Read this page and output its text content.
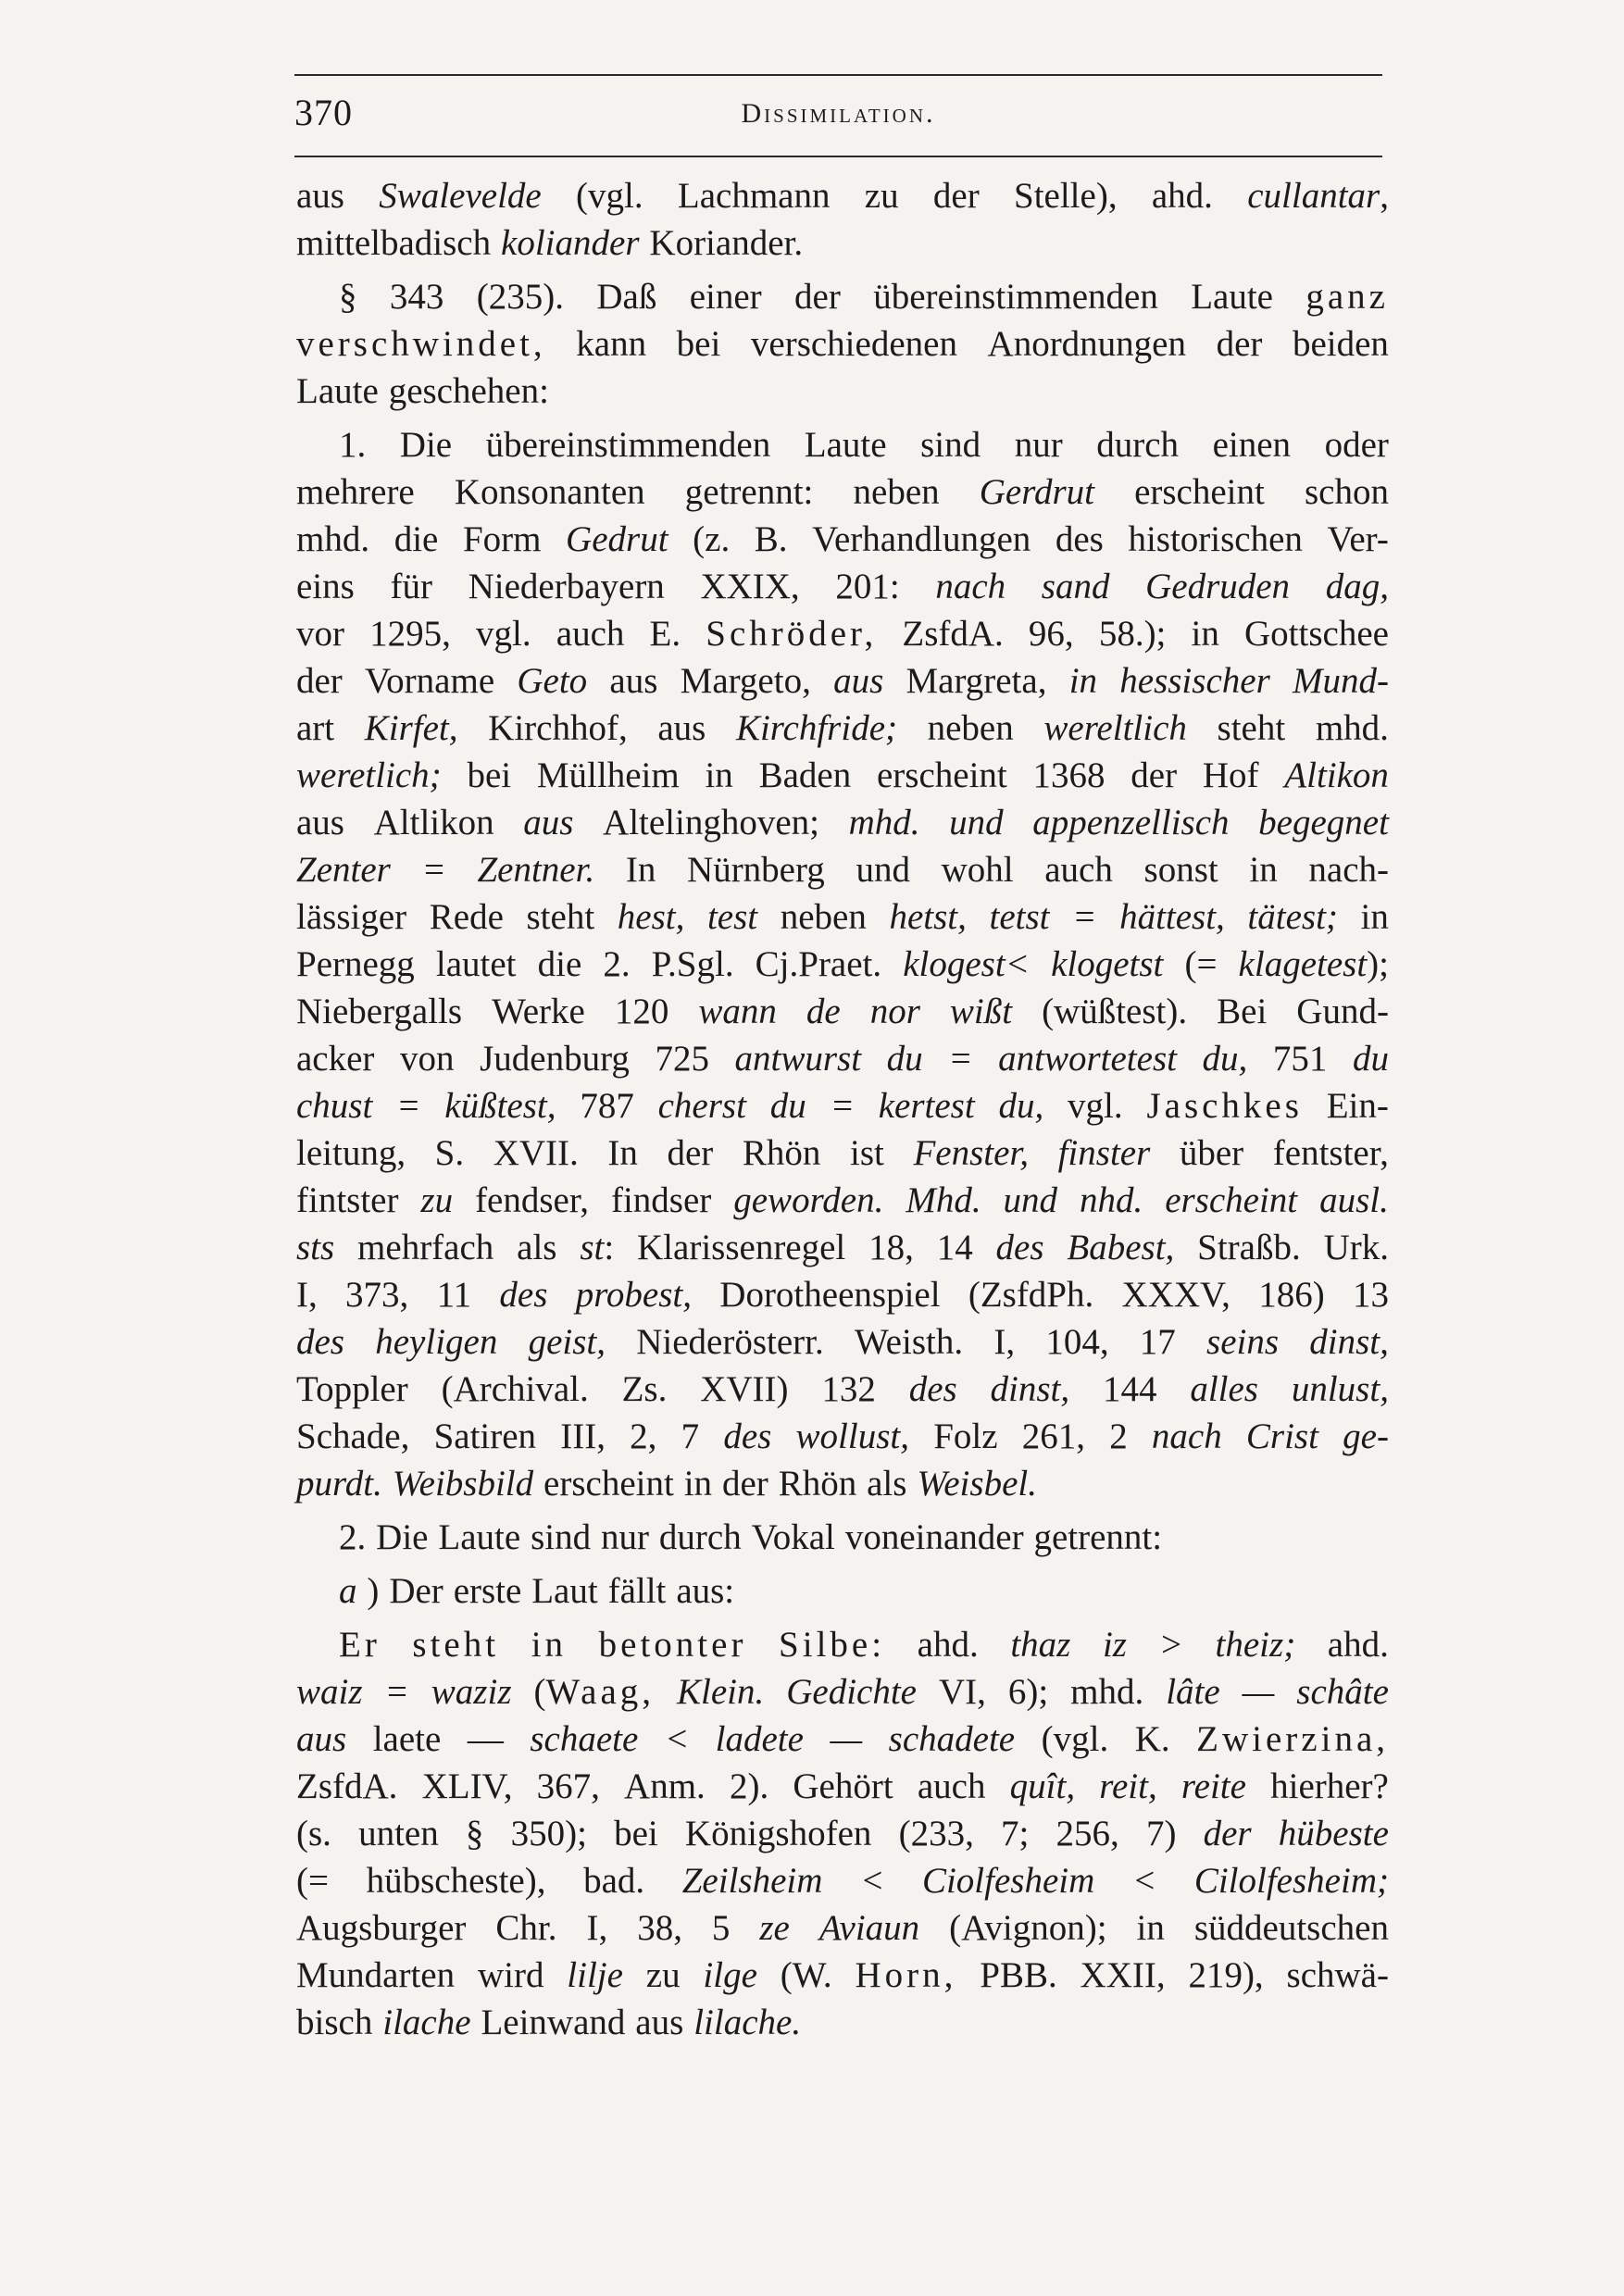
370	Dissimilation.
aus Swalevelde (vgl. Lachmann zu der Stelle), ahd. cullantar,
mittelbadisch koliander Koriander.
§ 343 (235). Daß einer der übereinstimmenden Laute ganz
verschwindet, kann bei verschiedenen Anordnungen der beiden
Laute geschehen:
1. Die übereinstimmenden Laute sind nur durch einen oder
mehrere Konsonanten getrennt: neben Gerdrut erscheint schon
mhd. die Form Gedrut (z. B. Verhandlungen des historischen Ver-
eins für Niederbayern XXIX, 201: nach sand Gedruden dag,
vor 1295, vgl. auch E. Schröder, ZsfdA. 96, 58.); in Gottschee
der Vorname Geto aus Margeto, aus Margreta, in hessischer Mund-
art Kirfet, Kirchhof, aus Kirchfride; neben wereltlich steht mhd.
weretlich; bei Müllheim in Baden erscheint 1368 der Hof Altikon
aus Altlikon aus Altelinghoven; mhd. und appenzellisch begegnet
Zenter = Zentner. In Nürnberg und wohl auch sonst in nach-
lässiger Rede steht hest, test neben hetst, tetst = hättest, tätest; in
Pernegg lautet die 2. P.Sgl. Cj.Praet. klogest< klogetst (= klagetest);
Niebergalls Werke 120 wann de nor wißt (wüßtest). Bei Gund-
acker von Judenburg 725 antwurst du = antwortetest du, 751 du
chust = küßtest, 787 cherst du = kertest du, vgl. Jaschkes Ein-
leitung, S. XVII. In der Rhön ist Fenster, finster über fentster,
fintster zu fendser, findser geworden. Mhd. und nhd. erscheint ausl.
sts mehrfach als st: Klarissenregel 18, 14 des Babest, Straßb. Urk.
I, 373, 11 des probest, Dorotheenspiel (ZsfdPh. XXXV, 186) 13
des heyligen geist, Niederösterr. Weisth. I, 104, 17 seins dinst,
Toppler (Archival. Zs. XVII) 132 des dinst, 144 alles unlust,
Schade, Satiren III, 2, 7 des wollust, Folz 261, 2 nach Crist ge-
purdt. Weibsbild erscheint in der Rhön als Weisbel.
2. Die Laute sind nur durch Vokal voneinander getrennt:
a ) Der erste Laut fällt aus:
Er steht in betonter Silbe: ahd. thaz iz > theiz; ahd.
waiz = waziz (Waag, Klein. Gedichte VI, 6); mhd. lâte — schâte
aus laete — schaete < ladete — schadete (vgl. K. Zwierzina,
ZsfdA. XLIV, 367, Anm. 2). Gehört auch quît, reit, reite hierher?
(s. unten § 350); bei Königshofen (233, 7; 256, 7) der hübeste
(= hübscheste), bad. Zeilsheim < Ciolfesheim < Cilolfesheim;
Augsburger Chr. I, 38, 5 ze Aviaun (Avignon); in süddeutschen
Mundarten wird lilje zu ilge (W. Horn, PBB. XXII, 219), schwä-
bisch ilache Leinwand aus lilache.
